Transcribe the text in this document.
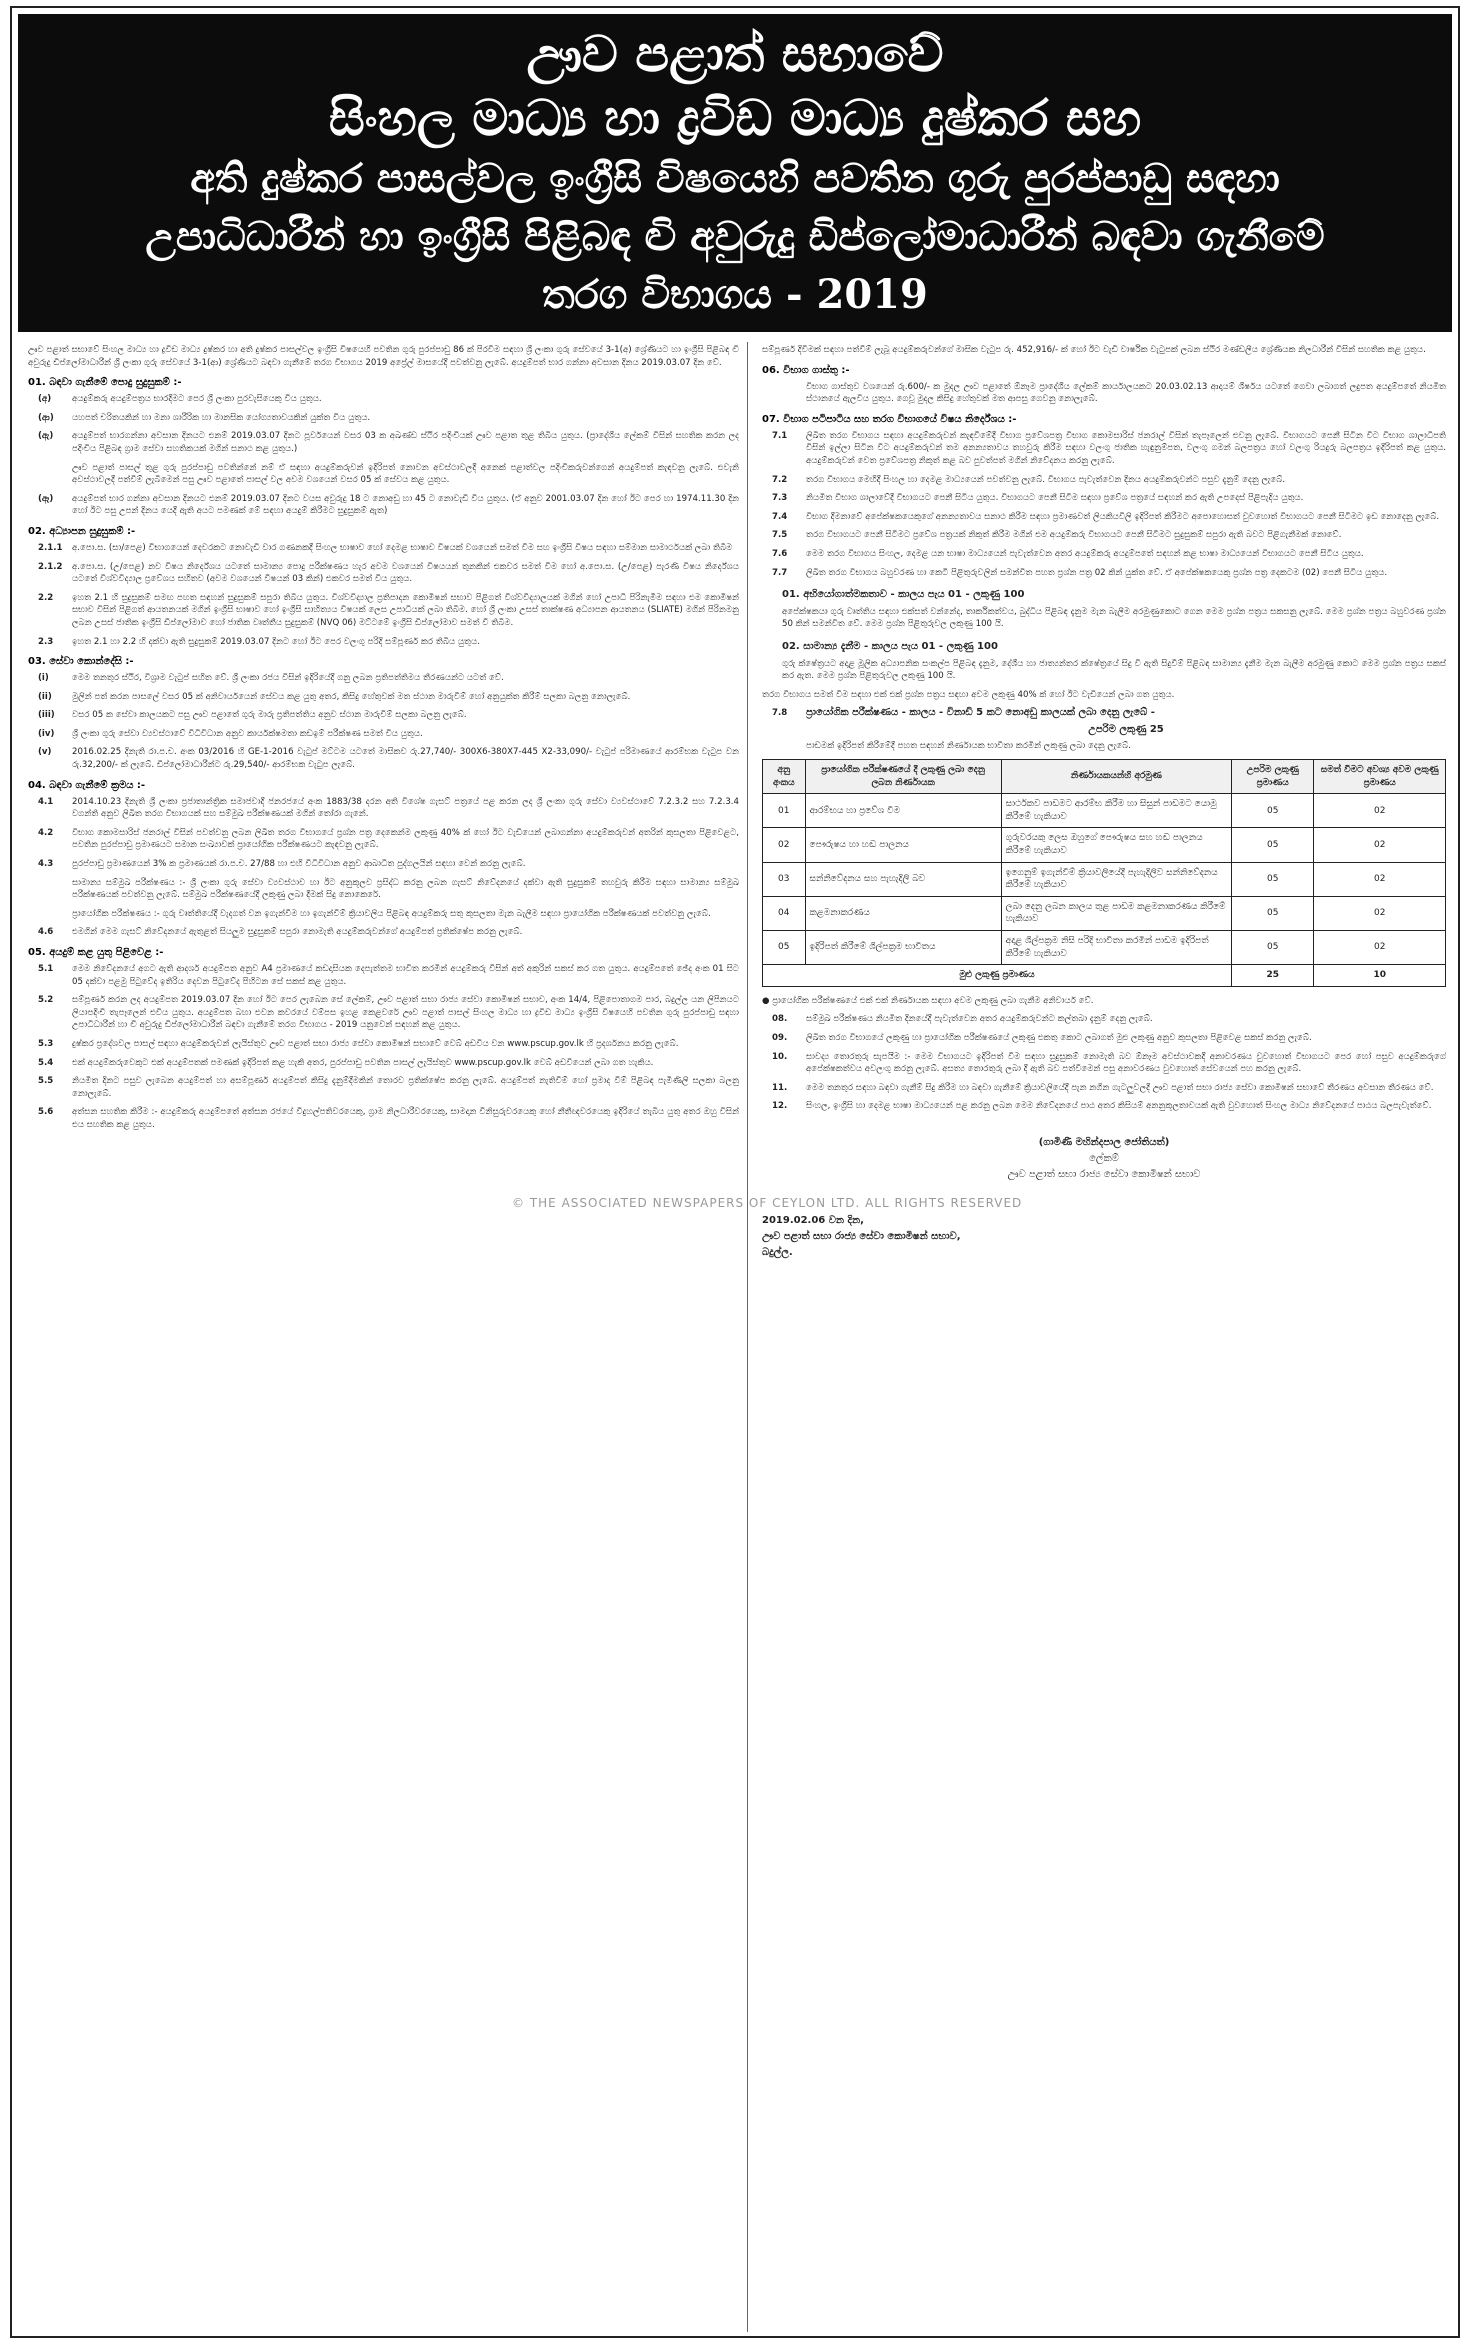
ඌව පළාත් සභාවේ
සිංහල මාධ්‍ය හා ද්‍රවිඩ මාධ්‍ය දුෂ්කර සහ
අති දුෂ්කර පාසල්වල ඉංග්‍රීසි විෂයෙහි පවතින ගුරු පුරප්පාඩු සඳහා
උපාධිධාරීන් හා ඉංග්‍රීසි පිළිබඳ ද්‍වි අවුරුදු ඩිප්ලෝමාධාරීන් බඳවා ගැනීමේ
තරග විභාගය - 2019

ඌව පළාත් සභාවේ සිංහල මාධ්‍ය හා ද්‍රවිඩ මාධ්‍ය දුෂ්කර හා අති දුෂ්කර පාසල්වල ඉංග්‍රීසි විෂයෙහි පවතින ගුරු පුරප්පාඩු 86 ක් පිරවීම සඳහා ශ්‍රී ලංකා ගුරු සේවයේ 3-1(අ) ශ්‍රේණියට හා ඉංග්‍රීසි පිළිබඳ ද්‍වි අවුරුදු ඩිප්ලෝමාධාරීන් ශ්‍රී ලංකා ගුරු සේවයේ 3-1(ආ) ශ්‍රේණියට බඳවා ගැනීමේ තරග විභාගය 2019 අප්‍රේල් මාසයේදී පවත්වනු ලැබේ. අයදුම්පත් භාර ගන්නා අවසාන දිනය 2019.03.07 දින වේ.

01. බඳවා ගැනීමේ පොදු සුදුසුකම් :-
(අ)	අයදුම්කරු අයදුම්පත්‍රය භාරදීමට පෙර ශ්‍රී ලංකා පුරවැසියෙකු විය යුතුය.
(ආ)	යහපත් චරිතයකින් හා මනා ශාරීරික හා මානසික යෝග්‍යතාවයකින් යුක්ත විය යුතුය.
(ඇ)	අයදුම්පත් භාරගන්නා අවසාන දිනයට එනම් 2019.03.07 දිනට පූර්වයෙන් වසර 03 ක අඛණ්ඩ ස්ථිර පදිංචියක් ඌව පළාත තුළ තිබිය යුතුය. (ප්‍රාදේශීය ලේකම් විසින් සහතික කරන ලද පදිංචිය පිළිබඳ ග්‍රාම සේවා සහතිකයක් මගින් සනාථ කළ යුතුය.)
ඌව පළාත් පාසල් තුළ ගුරු පුරප්පාඩු පවතින්නේ නම් ඒ සඳහා අයදුම්කරුවන් ඉදිරිපත් නොවන අවස්ථාවලදී අනෙක් පළාත්වල පදිංචිකරුවන්ගෙන් අයදුම්පත් කැඳවනු ලැබේ. එවැනි අවස්ථාවලදී පත්වීම් ලැබීමෙන් පසු ඌව පළාතේ පාසල් වල අවම වශයෙන් වසර 05 ක් සේවය කළ යුතුය.
(ඈ)	අයදුම්පත් භාර ගන්නා අවසාන දිනයට එනම් 2019.03.07 දිනට වයස අවුරුදු 18 ට නොඅඩු හා 45 ට නොවැඩි විය යුතුය. (ඒ අනුව 2001.03.07 දින හෝ ඊට පෙර හා 1974.11.30 දින හෝ ඊට පසු උපන් දිනය යෙදී ඇති අයට පමණක් මේ සඳහා අයදුම් කිරීමට සුදුසුකම් ඇත)
02. අධ්‍යාපන සුදුසුකම් :-
2.1.1	අ.පො.ස. (සා/පෙළ) විභාගයෙන් දෙවරකට නොවැඩි වාර ගණනකදී සිංහල භාෂාව හෝ දෙමළ භාෂාව විෂයක් වශයෙන් සමත් වීම සහ ඉංග්‍රීසි විෂය සඳහා සම්මාන සාමාර්ථයක් ලබා තිබීම
2.1.2	අ.පො.ස. (උ/පෙළ) නව විෂය නිර්දේශය යටතේ සාමාන්‍ය පොදු පරීක්ෂණය හැර අවම වශයෙන් විෂයයන් තුනකින් එකවර සමත් වීම හෝ අ.පො.ස. (උ/පෙළ) පැරණි විෂය නිර්දේශය යටතේ විශ්වවිද්‍යාල ප්‍රවේශය සහිතව (අවම වශයෙන් විෂයන් 03 කින්) එකවර සමත් විය යුතුය.
2.2	ඉහත 2.1 හි සුදුසුකම් සමඟ පහත සඳහන් සුදුසුකම් සපුරා තිබිය යුතුය. විශ්වවිද්‍යාල ප්‍රතිපාදන කොමිෂන් සභාව පිළිගත් විශ්වවිද්‍යාලයක් මගින් හෝ උපාධි පිරිනැමීම සඳහා එම කොමිෂන් සභාව විසින් පිළිගත් ආයතනයක් මගින් ඉංග්‍රීසි භාෂාව හෝ ඉංග්‍රීසි සාහිත්‍යය විෂයක් ලෙස උපාධියක් ලබා තිබීම. හෝ ශ්‍රී ලංකා උසස් තාක්ෂණ අධ්‍යාපන ආයතනය (SLIATE) මගින් පිරිනමනු ලබන උසස් ජාතික ඉංග්‍රීසි ඩිප්ලෝමාව හෝ ජාතික වෘත්තීය සුදුසුකම් (NVQ 06) මට්ටමේ ඉංග්‍රීසි ඩිප්ලෝමාව සමත් වී තිබීම.
2.3	ඉහත 2.1 හා 2.2 හි දක්වා ඇති සුදුසුකම් 2019.03.07 දිනට හෝ ඊට පෙර වලංගු පරිදි සම්පූර්ණ කර තිබිය යුතුය.
03. සේවා කොන්දේසි :-
(i)	මෙම තනතුර ස්ථිර, විශ්‍රාම වැටුප් සහිත වේ. ශ්‍රී ලංකා රජය විසින් ඉදිරියේදී ගනු ලබන ප්‍රතිපත්තිමය තීරණයන්ට යටත් වේ.
(ii)	මුලින් පත් කරන පාසලේ වසර 05 ක් අනිවාර්යයෙන් සේවය කළ යුතු අතර, කිසිදු හේතුවක් මත ස්ථාන මාරුවීම් හෝ අනුයුක්ත කිරීම් සලකා බලනු නොලැබේ.
(iii)	වසර 05 ක සේවා කාලයකට පසු ඌව පළාතේ ගුරු මාරු ප්‍රතිපත්තිය අනුව ස්ථාන මාරුවීම් සලකා බලනු ලැබේ.
(iv)	ශ්‍රී ලංකා ගුරු සේවා ව්‍යවස්ථාවේ විධිවිධාන අනුව කාර්යක්ෂමතා කඩඉම් පරීක්ෂණ සමත් විය යුතුය.
(v)	2016.02.25 දිනැති රා.ප.ච. අංක 03/2016 හි GE-1-2016 වැටුප් මට්ටම යටතේ මාසිකව රු.27,740/- 300X6-380X7-445 X2-33,090/- වැටුප් පරිමාණයේ ආරම්භක වැටුප වන රු.32,200/- ක් ලැබේ. ඩිප්ලෝමාධාරීන්ට රු.29,540/- ආරම්භක වැටුප ලැබේ.
04. බඳවා ගැනීමේ ක්‍රමය :-
4.1	2014.10.23 දිනැති ශ්‍රී ලංකා ප්‍රජාතාන්ත්‍රික සමාජවාදී ජනරජයේ අංක 1883/38 දරන අති විශේෂ ගැසට් පත්‍රයේ පළ කරන ලද ශ්‍රී ලංකා ගුරු සේවා ව්‍යවස්ථාවේ 7.2.3.2 සහ 7.2.3.4 වගන්ති අනුව ලිඛිත තරග විභාගයක් සහ සම්මුඛ පරීක්ෂණයක් මගින් තෝරා ගැනේ.
4.2	විභාග කොමසාරිස් ජනරාල් විසින් පවත්වනු ලබන ලිඛිත තරග විභාගයේ ප්‍රශ්න පත්‍ර දෙකෙන්ම ලකුණු 40% ක් හෝ ඊට වැඩියෙන් ලබාගන්නා අයදුම්කරුවන් අතරින් කුසලතා පිළිවෙළට, පවතින පුරප්පාඩු ප්‍රමාණයට සමාන සංඛ්‍යාවක් ප්‍රායෝගික පරීක්ෂණයට කැඳවනු ලැබේ.
4.3	පුරප්පාඩු ප්‍රමාණයෙන් 3% ක ප්‍රමාණයක් රා.ප.ච. 27/88 හා එහි විධිවිධාන අනුව ආබාධිත පුද්ගලයින් සඳහා වෙන් කරනු ලැබේ.
සාමාන්‍ය සම්මුඛ පරීක්ෂණය :- ශ්‍රී ලංකා ගුරු සේවා ව්‍යවස්ථාව හා ඊට අනුකූලව ප්‍රසිද්ධ කරනු ලබන ගැසට් නිවේදනයේ දක්වා ඇති සුදුසුකම් තහවුරු කිරීම සඳහා සාමාන්‍ය සම්මුඛ පරීක්ෂණයක් පවත්වනු ලැබේ. සම්මුඛ පරීක්ෂණයේදී ලකුණු ලබා දීමක් සිදු නොකෙරේ.
ප්‍රායෝගික පරීක්ෂණය :- ගුරු වෘත්තියේදී වැදගත් වන ඉගැන්වීම හා ඉගැන්වීම් ක්‍රියාවලිය පිළිබඳ අයදුම්කරු සතු කුසලතා මැන බැලීම සඳහා ප්‍රායෝගික පරීක්ෂණයක් පවත්වනු ලැබේ.
4.6	එමගින් මෙම ගැසට් නිවේදනයේ ඇතුළත් සියලුම සුදුසුකම් සපුරා නොමැති අයදුම්කරුවන්ගේ අයදුම්පත් ප්‍රතික්ෂේප කරනු ලැබේ.
05. අයදුම් කළ යුතු පිළිවෙළ :-
5.1	මෙම නිවේදනයේ අගට ඇති ආදර්ශ අයදුම්පත අනුව A4 ප්‍රමාණයේ කඩදාසියක දෙපැත්තම භාවිත කරමින් අයදුම්කරු විසින් අත් අකුරින් සකස් කර ගත යුතුය. අයදුම්පතේ ඡේද අංක 01 සිට 05 දක්වා පළමු පිටුවේද ඉතිරිය දෙවන පිටුවේද පිහිටන සේ සකස් කළ යුතුය.
5.2	සම්පූර්ණ කරන ලද අයදුම්පත 2019.03.07 දින හෝ ඊට පෙර ලැබෙන සේ ලේකම්, ඌව පළාත් සභා රාජ්‍ය සේවා කොමිෂන් සභාව, අංක 14/4, පිළිපොතාගම පාර, බදුල්ල යන ලිපිනයට ලියාපදිංචි තැපෑලෙන් එවිය යුතුය. අයදුම්පත බහා එවන කවරයේ වම්පස ඉහළ කෙළවරේ ඌව පළාත් පාසල් සිංහල මාධ්‍ය හා ද්‍රවිඩ මාධ්‍ය ඉංග්‍රීසි විෂයෙහි පවතින ගුරු පුරප්පාඩු සඳහා උපාධිධාරීන් හා ද්‍වි අවුරුදු ඩිප්ලෝමාධාරීන් බඳවා ගැනීමේ තරග විභාගය - 2019 යනුවෙන් සඳහන් කළ යුතුය.
5.3	දුෂ්කර ප්‍රදේශවල පාසල් සඳහා අයදුම්කරුවන් ලැයිස්තුව ඌව පළාත් සභා රාජ්‍ය සේවා කොමිෂන් සභාවේ වෙබ් අඩවිය වන www.pscup.gov.lk හි ප්‍රදර්ශනය කරනු ලැබේ.
5.4	එක් අයදුම්කරුවෙකුට එක් අයදුම්පතක් පමණක් ඉදිරිපත් කළ හැකි අතර, පුරප්පාඩු පවතින පාසල් ලැයිස්තුව www.pscup.gov.lk වෙබ් අඩවියෙන් ලබා ගත හැකිය.
5.5	නියමිත දිනට පසුව ලැබෙන අයදුම්පත් හා අසම්පූර්ණ අයදුම්පත් කිසිදු දැනුම්දීමකින් තොරව ප්‍රතික්ෂේප කරනු ලැබේ. අයදුම්පත් නැතිවීම් හෝ ප්‍රමාද වීම් පිළිබඳ පැමිණිලි සලකා බලනු නොලැබේ.
5.6	අත්සන සහතික කිරීම :- අයදුම්කරු අයදුම්පතේ අත්සන රජයේ විදුහල්පතිවරයෙකු, ග්‍රාම නිලධාරීවරයෙකු, සාමදාන විනිසුරුවරයෙකු හෝ නීතීඥවරයෙකු ඉදිරියේ තැබිය යුතු අතර ඔහු විසින් එය සහතික කළ යුතුය.
© THE ASSOCIATED NEWSPAPERS OF CEYLON LTD. ALL RIGHTS RESERVED

සම්පූර්ණ දිවීමක් සඳහා පත්වීම් ලැබූ අයදුම්කරුවන්ගේ මාසික වැටුප රු. 452,916/- ක් හෝ ඊට වැඩි වාර්ෂික වැටුපක් ලබන ස්ථිර මණ්ඩලීය ශ්‍රේණියක නිලධාරීන් විසින් සහතික කළ යුතුය.

06. විභාග ගාස්තු :-
විභාග ගාස්තුව වශයෙන් රු.600/- ක මුදල ඌව පළාතේ ඕනෑම ප්‍රාදේශීය ලේකම් කාර්යාලයකට 20.03.02.13 ආදායම් ශීර්ෂය යටතේ ගෙවා ලබාගත් ලදුපත අයදුම්පතේ නියමිත ස්ථානයේ ඇලවිය යුතුය. ගෙවූ මුදල කිසිදු හේතුවක් මත ආපසු ගෙවනු නොලැබේ.
07. විභාග පටිපාටිය සහ තරග විභාගයේ විෂය නිර්දේශය :-
7.1	ලිඛිත තරග විභාගය සඳහා අයදුම්කරුවන් කැඳවීමේදී විභාග ප්‍රවේශපත්‍ර විභාග කොමසාරිස් ජනරාල් විසින් තැපෑලෙන් එවනු ලැබේ. විභාගයට පෙනී සිටින විට විභාග ශාලාධිපති විසින් ඉල්ලා සිටින විට අයදුම්කරුවන් තම අනන්‍යතාවය තහවුරු කිරීම සඳහා වලංගු ජාතික හැඳුනුම්පත, වලංගු ගමන් බලපත්‍රය හෝ වලංගු රියදුරු බලපත්‍රය ඉදිරිපත් කළ යුතුය. අයදුම්කරුවන් වෙත ප්‍රවේශපත්‍ර නිකුත් කළ බව පුවත්පත් මගින් නිවේදනය කරනු ලැබේ.
7.2	තරග විභාගය මෙහිදී සිංහල හා දෙමළ මාධ්‍යයෙන් පවත්වනු ලැබේ. විභාගය පැවැත්වෙන දිනය අයදුම්කරුවන්ට පසුව දැනුම් දෙනු ලැබේ.
7.3	නියමිත විභාග ශාලාවේදී විභාගයට පෙනී සිටිය යුතුය. විභාගයට පෙනී සිටීම සඳහා ප්‍රවේශ පත්‍රයේ සඳහන් කර ඇති උපදෙස් පිළිපැදිය යුතුය.
7.4	විභාග දීමනාවේ අපේක්ෂකයෙකුගේ අනන්‍යතාවය සනාථ කිරීම සඳහා ප්‍රමාණවත් ලියකියවිලි ඉදිරිපත් කිරීමට අපොහොසත් වුවහොත් විභාගයට පෙනී සිටීමට ඉඩ නොදෙනු ලැබේ.
7.5	තරග විභාගයට පෙනී සිටීමට ප්‍රවේශ පත්‍රයක් නිකුත් කිරීම මගින් එම අයදුම්කරු විභාගයට පෙනී සිටීමට සුදුසුකම් සපුරා ඇති බවට පිළිගැනීමක් නොවේ.
7.6	මෙම තරග විභාගය සිංහල, දෙමළ යන භාෂා මාධ්‍යයෙන් පැවැත්වෙන අතර අයදුම්කරු අයදුම්පතේ සඳහන් කළ භාෂා මාධ්‍යයෙන් විභාගයට පෙනී සිටිය යුතුය.
7.7	ලිඛිත තරග විභාගය බහුවරණ හා කෙටි පිළිතුරුවලින් සමන්විත පහත ප්‍රශ්න පත්‍ර 02 කින් යුක්ත වේ. ඒ අපේක්ෂකයෙකු ප්‍රශ්න පත්‍ර දෙකටම (02) පෙනී සිටිය යුතුය.
01. අභියෝගාත්මකතාව - කාලය පැය 01 - ලකුණු 100

අපේක්ෂකයා ගුරු වෘත්තිය සඳහා එක්සත් වන්නේද, තාර්කිකත්වය, බුද්ධිය පිළිබඳ දැනුම මැන බැලීම අරමුණුකොට ගෙන මෙම ප්‍රශ්න පත්‍රය සකසනු ලැබේ. මෙම ප්‍රශ්න පත්‍රය බහුවරණ ප්‍රශ්න 50 කින් සමන්විත වේ. මෙම ප්‍රශ්න පිළිතුරුවල ලකුණු 100 යි.

02. සාමාන්‍ය දැනීම - කාලය පැය 01 - ලකුණු 100

ගුරු ක්ෂේත්‍රයට අදාළ මූලික අධ්‍යාපනික සංකල්ප පිළිබඳ දැනුම, දේශීය හා ජාත්‍යන්තර ක්ෂේත්‍රයේ සිදු වී ඇති සිදුවීම් පිළිබඳ සාමාන්‍ය දැනීම මැන බැලීම අරමුණු කොට මෙම ප්‍රශ්න පත්‍රය සකස් කර ඇත. මෙම ප්‍රශ්න පිළිතුරුවල ලකුණු 100 යි.

තරග විභාගය සමත් වීම සඳහා එක් එක් ප්‍රශ්න පත්‍රය සඳහා අවම ලකුණු 40% ක් හෝ ඊට වැඩියෙන් ලබා ගත යුතුය.

7.8	ප්‍රායෝගික පරීක්ෂණය - කාලය - විනාඩි 5 කට නොඅඩු කාලයක් ලබා දෙනු ලැබේ -
උපරිම ලකුණු 25
පාඩමක් ඉදිරිපත් කිරීමේදී පහත සඳහන් නිර්ණායක භාවිතා කරමින් ලකුණු ලබා දෙනු ලැබේ.
අනු අංකය	ප්‍රායෝගික පරීක්ෂණයේ දී ලකුණු ලබා දෙනු ලබන නිර්ණායක	නිර්ණායකයන්හි අරමුණ	උපරිම ලකුණු ප්‍රමාණය	සමත් වීමට අවශ්‍ය අවම ලකුණු ප්‍රමාණය
01	ආරම්භය හා ප්‍රවේශ වීම	සාර්ථකව පාඩමට ආරම්භ කිරීම හා සිසුන් පාඩමට යොමු කිරීමේ හැකියාව	05	02
02	පෞරුෂය හා හඬ පාලනය	ගුරුවරයකු ලෙස ඔහුගේ පෞරුෂය සහ හඬ පාලනය කිරීමේ හැකියාව	05	02
03	සන්නිවේදනය සහ පැහැදිලි බව	ඉගෙනුම් ඉගැන්වීම් ක්‍රියාවලියේදී පැහැදිලිව සන්නිවේදනය කිරීමේ හැකියාව	05	02
04	කළමනාකරණය	ලබා දෙනු ලබන කාලය තුළ පාඩම කළමනාකරණය කිරීමේ හැකියාව	05	02
05	ඉදිරිපත් කිරීමේ ශිල්පක්‍රම භාවිතය	අදාළ ශිල්පක්‍රම නිසි පරිදි භාවිතා කරමින් පාඩම ඉදිරිපත් කිරීමේ හැකියාව	05	02
මුළු ලකුණු ප්‍රමාණය			25	10

● ප්‍රායෝගික පරීක්ෂණයේ එක් එක් නිර්ණායක සඳහා අවම ලකුණු ලබා ගැනීම අනිවාර්ය වේ.

08.	සම්මුඛ පරීක්ෂණය නියමිත දිනයේදී පැවැත්වෙන අතර අයදුම්කරුවන්ට කල්තබා දැනුම් දෙනු ලැබේ.
09.	ලිඛිත තරග විභාගයේ ලකුණු හා ප්‍රායෝගික පරීක්ෂණයේ ලකුණු එකතු කොට ලබාගත් මුළු ලකුණු අනුව කුසලතා පිළිවෙළ සකස් කරනු ලැබේ.
10.	සාවද්‍ය තොරතුරු සැපයීම :- මෙම විභාගයට ඉදිරිපත් වීම සඳහා සුදුසුකම් නොමැති බව ඕනෑම අවස්ථාවකදී අනාවරණය වුවහොත් විභාගයට පෙර හෝ පසුව අයදුම්කරුගේ අපේක්ෂකත්වය අවලංගු කරනු ලැබේ. අසත්‍ය තොරතුරු ලබා දී ඇති බව පත්වීමෙන් පසු අනාවරණය වුවහොත් සේවයෙන් පහ කරනු ලැබේ.
11.	මෙම තනතුර සඳහා බඳවා ගැනීම් සිදු කිරීම හා බඳවා ගැනීමේ ක්‍රියාවලියේදී පැන නගින ගැටලුවලදී ඌව පළාත් සභා රාජ්‍ය සේවා කොමිෂන් සභාවේ තීරණය අවසාන තීරණය වේ.
12.	සිංහල, ඉංග්‍රීසි හා දෙමළ භාෂා මාධ්‍යයෙන් පළ කරනු ලබන මෙම නිවේදනයේ පාඨ අතර කිසියම් අනනුකූලතාවයක් ඇති වුවහොත් සිංහල මාධ්‍ය නිවේදනයේ පාඨය බලපැවැත්වේ.
(ගාමිණී මහින්දපාල ජෝතියත්)
ලේකම්
ඌව පළාත් සභා රාජ්‍ය සේවා කොමිෂන් සභාව
2019.02.06 වන දින,
ඌව පළාත් සභා රාජ්‍ය සේවා කොමිෂන් සභාව,
බදුල්ල.
